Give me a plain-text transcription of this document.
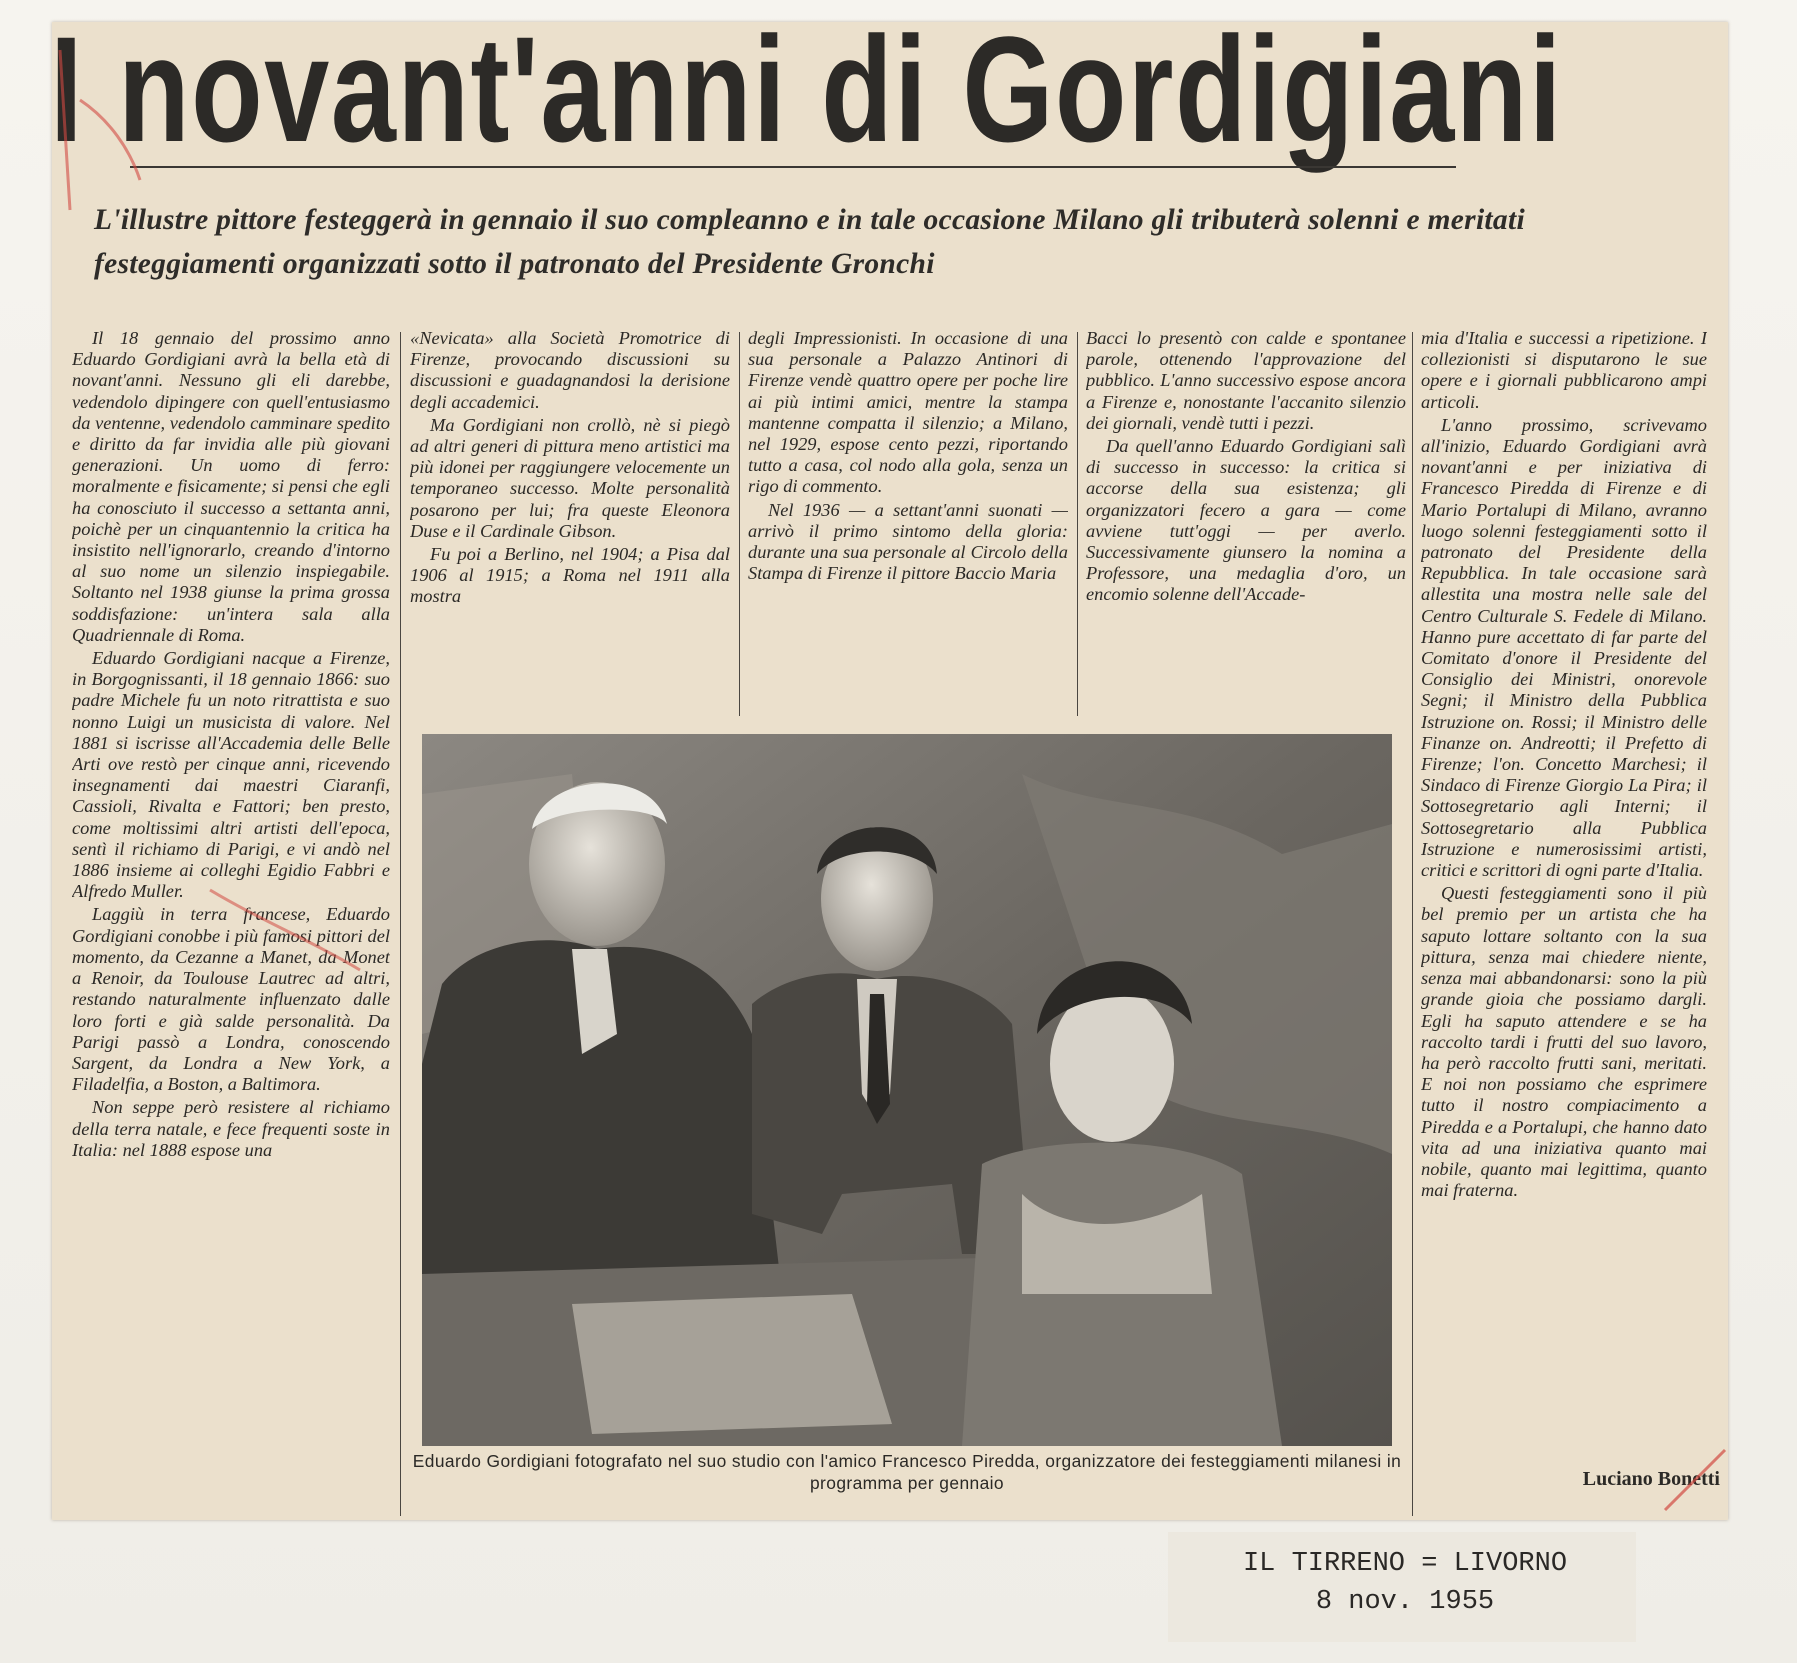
I novant'anni di Gordigiani

L'illustre pittore festeggerà in gennaio il suo compleanno e in tale occasione Milano gli tributerà solenni e meritati festeggiamenti organizzati sotto il patronato del Presidente Gronchi

Il 18 gennaio del prossimo anno Eduardo Gordigiani avrà la bella età di novant'anni. Nessuno gli eli darebbe, vedendolo dipingere con quell'entusiasmo da ventenne, vedendolo camminare spedito e diritto da far invidia alle più giovani generazioni. Un uomo di ferro: moralmente e fisicamente; si pensi che egli ha conosciuto il successo a settanta anni, poichè per un cinquantennio la critica ha insistito nell'ignorarlo, creando d'intorno al suo nome un silenzio inspiegabile. Soltanto nel 1938 giunse la prima grossa soddisfazione: un'intera sala alla Quadriennale di Roma.

Eduardo Gordigiani nacque a Firenze, in Borgognissanti, il 18 gennaio 1866: suo padre Michele fu un noto ritrattista e suo nonno Luigi un musicista di valore. Nel 1881 si iscrisse all'Accademia delle Belle Arti ove restò per cinque anni, ricevendo insegnamenti dai maestri Ciaranfi, Cassioli, Rivalta e Fattori; ben presto, come moltissimi altri artisti dell'epoca, sentì il richiamo di Parigi, e vi andò nel 1886 insieme ai colleghi Egidio Fabbri e Alfredo Muller.

Laggiù in terra francese, Eduardo Gordigiani conobbe i più famosi pittori del momento, da Cezanne a Manet, da Monet a Renoir, da Toulouse Lautrec ad altri, restando naturalmente influenzato dalle loro forti e già salde personalità. Da Parigi passò a Londra, conoscendo Sargent, da Londra a New York, a Filadelfia, a Boston, a Baltimora.

Non seppe però resistere al richiamo della terra natale, e fece frequenti soste in Italia: nel 1888 espose una

«Nevicata» alla Società Promotrice di Firenze, provocando discussioni su discussioni e guadagnandosi la derisione degli accademici.

Ma Gordigiani non crollò, nè si piegò ad altri generi di pittura meno artistici ma più idonei per raggiungere velocemente un temporaneo successo. Molte personalità posarono per lui; fra queste Eleonora Duse e il Cardinale Gibson.

Fu poi a Berlino, nel 1904; a Pisa dal 1906 al 1915; a Roma nel 1911 alla mostra

degli Impressionisti. In occasione di una sua personale a Palazzo Antinori di Firenze vendè quattro opere per poche lire ai più intimi amici, mentre la stampa mantenne compatta il silenzio; a Milano, nel 1929, espose cento pezzi, riportando tutto a casa, col nodo alla gola, senza un rigo di commento.

Nel 1936 — a settant'anni suonati — arrivò il primo sintomo della gloria: durante una sua personale al Circolo della Stampa di Firenze il pittore Baccio Maria

Bacci lo presentò con calde e spontanee parole, ottenendo l'approvazione del pubblico. L'anno successivo espose ancora a Firenze e, nonostante l'accanito silenzio dei giornali, vendè tutti i pezzi.

Da quell'anno Eduardo Gordigiani salì di successo in successo: la critica si accorse della sua esistenza; gli organizzatori fecero a gara — come avviene tutt'oggi — per averlo. Successivamente giunsero la nomina a Professore, una medaglia d'oro, un encomio solenne dell'Accade-

mia d'Italia e successi a ripetizione. I collezionisti si disputarono le sue opere e i giornali pubblicarono ampi articoli.

L'anno prossimo, scrivevamo all'inizio, Eduardo Gordigiani avrà novant'anni e per iniziativa di Francesco Piredda di Firenze e di Mario Portalupi di Milano, avranno luogo solenni festeggiamenti sotto il patronato del Presidente della Repubblica. In tale occasione sarà allestita una mostra nelle sale del Centro Culturale S. Fedele di Milano. Hanno pure accettato di far parte del Comitato d'onore il Presidente del Consiglio dei Ministri, onorevole Segni; il Ministro della Pubblica Istruzione on. Rossi; il Ministro delle Finanze on. Andreotti; il Prefetto di Firenze; l'on. Concetto Marchesi; il Sindaco di Firenze Giorgio La Pira; il Sottosegretario agli Interni; il Sottosegretario alla Pubblica Istruzione e numerosissimi artisti, critici e scrittori di ogni parte d'Italia.

Questi festeggiamenti sono il più bel premio per un artista che ha saputo lottare soltanto con la sua pittura, senza mai chiedere niente, senza mai abbandonarsi: sono la più grande gioia che possiamo dargli. Egli ha saputo attendere e se ha raccolto tardi i frutti del suo lavoro, ha però raccolto frutti sani, meritati. E noi non possiamo che esprimere tutto il nostro compiacimento a Piredda e a Portalupi, che hanno dato vita ad una iniziativa quanto mai nobile, quanto mai legittima, quanto mai fraterna.

Eduardo Gordigiani fotografato nel suo studio con l'amico Francesco Piredda, organizzatore dei festeggiamenti milanesi in programma per gennaio	Luciano Bonetti
IL TIRRENO = LIVORNO
8 nov. 1955
